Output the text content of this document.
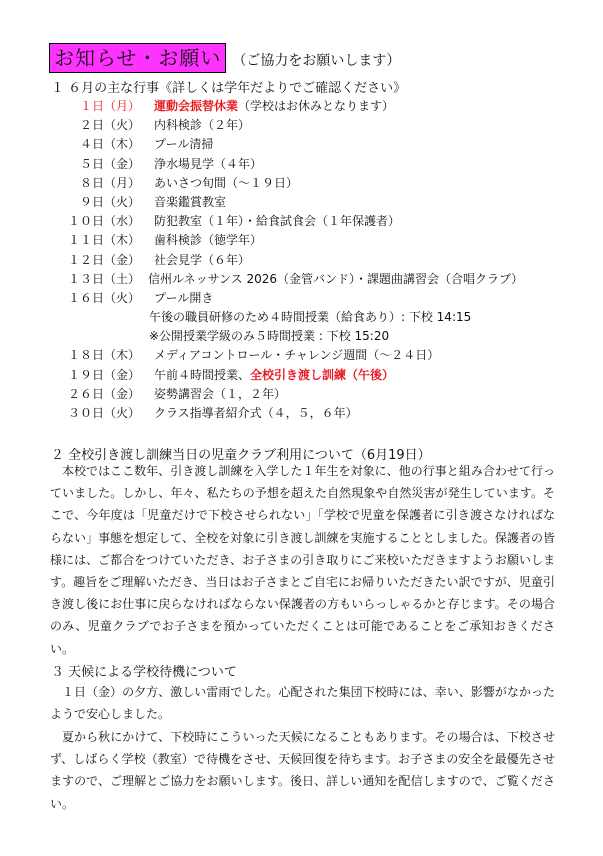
お知らせ・お願い （ご協力をお願いします）
１ ６月の主な行事《詳しくは学年だよりでご確認ください》
１日（月） 運動会振替休業（学校はお休みとなります）
２日（火） 内科検診（２年）
４日（木） プール清掃
５日（金） 浄水場見学（４年）
８日（月） あいさつ旬間（～１９日）
９日（火） 音楽鑑賞教室
１０日（水） 防犯教室（１年）・給食試食会（１年保護者）
１１日（木） 歯科検診（徳学年）
１２日（金） 社会見学（６年）
１３日（土） 信州ルネッサンス 2026（金管バンド）・課題曲講習会（合唱クラブ）
１６日（火） プール開き
午後の職員研修のため４時間授業（給食あり）: 下校 14:15
※公開授業学級のみ５時間授業 : 下校 15:20
１８日（木） メディアコントロール・チャレンジ週間（～２４日）
１９日（金） 午前４時間授業、全校引き渡し訓練（午後）
２６日（金） 姿勢講習会（１，２年）
３０日（火） クラス指導者紹介式（４，５，６年）
２ 全校引き渡し訓練当日の児童クラブ利用について（6月19日）

本校ではここ数年、引き渡し訓練を入学した１年生を対象に、他の行事と組み合わせて行っていました。しかし、年々、私たちの予想を超えた自然現象や自然災害が発生しています。そこで、今年度は「児童だけで下校させられない」「学校で児童を保護者に引き渡さなければならない」事態を想定して、全校を対象に引き渡し訓練を実施することとしました。保護者の皆様には、ご都合をつけていただき、お子さまの引き取りにご来校いただきますようお願いします。趣旨をご理解いただき、当日はお子さまとご自宅にお帰りいただきたい訳ですが、児童引き渡し後にお仕事に戻らなければならない保護者の方もいらっしゃるかと存じます。その場合のみ、児童クラブでお子さまを預かっていただくことは可能であることをご承知おきください。

３ 天候による学校待機について

１日（金）の夕方、激しい雷雨でした。心配された集団下校時には、幸い、影響がなかったようで安心しました。

夏から秋にかけて、下校時にこういった天候になることもあります。その場合は、下校させず、しばらく学校（教室）で待機をさせ、天候回復を待ちます。お子さまの安全を最優先させますので、ご理解とご協力をお願いします。後日、詳しい通知を配信しますので、ご覧ください。
